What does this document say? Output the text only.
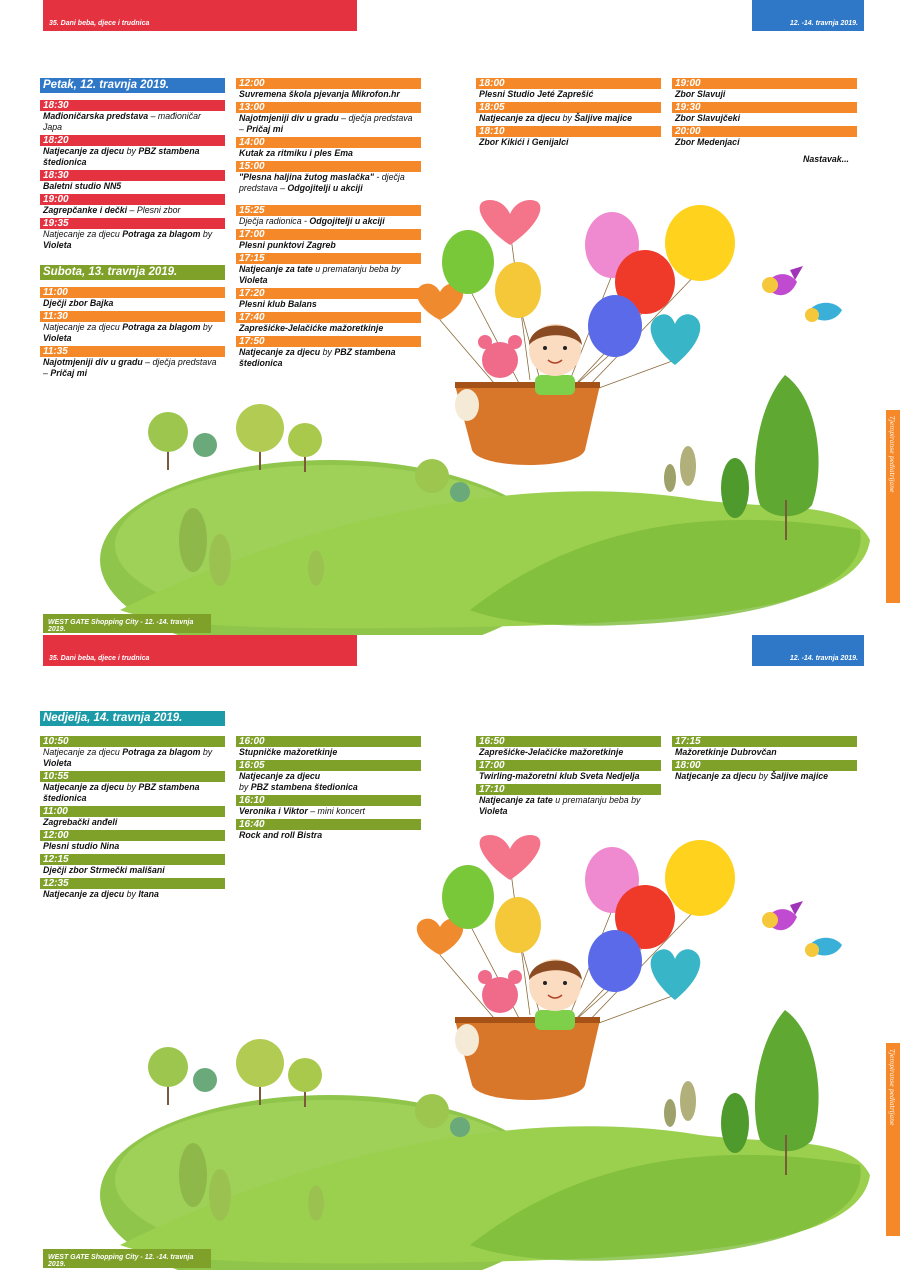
35. Dani beba, djece i trudnica	12. -14. travnja 2019.
Petak, 12. travnja 2019.
18:30
Mađioničarska predstava – mađioničar Japa
18:20
Natjecanje za djecu by PBZ stambena štedionica
18:30
Baletni studio NN5
19:00
Zagrepčanke i dečki – Plesni zbor
19:35
Natjecanje za djecu Potraga za blagom by Violeta
Subota, 13. travnja 2019.
11:00
Dječji zbor Bajka
11:30
Natjecanje za djecu Potraga za blagom by Violeta
11:35
Najotmjeniji div u gradu – dječja predstava – Pričaj mi
12:00
Suvremena škola pjevanja Mikrofon.hr
13:00
Najotmjeniji div u gradu – dječja predstava – Pričaj mi
14:00
Kutak za ritmiku i ples Ema
15:00
"Plesna haljina žutog maslačka" - dječja predstava – Odgojitelji u akciji
15:25
Dječja radionica - Odgojitelji u akciji
17:00
Plesni punktovi Zagreb
17:15
Natjecanje za tate u prematanju beba by Violeta
17:20
Plesni klub Balans
17:40
Zaprešićke-Jelačićke mažoretkinje
17:50
Natjecanje za djecu by PBZ stambena štedionica
18:00
Plesni Studio Jeté Zaprešić
18:05
Natjecanje za djecu by Šaljive majice
18:10
Zbor Kikići i Genijalci
19:00
Zbor Slavuji
19:30
Zbor Slavujčeki
20:00
Zbor Medenjaci
Nastavak...
Tjempiranse pediatrijane
WEST GATE Shopping City - 12. -14. travnja 2019.
35. Dani beba, djece i trudnica	12. -14. travnja 2019.
Nedjelja, 14. travnja 2019.
10:50
Natjecanje za djecu Potraga za blagom by Violeta
10:55
Natjecanje za djecu by PBZ stambena štedionica
11:00
Zagrebački anđeli
12:00
Plesni studio Nina
12:15
Dječji zbor Strmečki mališani
12:35
Natjecanje za djecu by Itana
16:00
Stupničke mažoretkinje
16:05
Natjecanje za djecu
by PBZ stambena štedionica
16:10
Veronika i Viktor – mini koncert
16:40
Rock and roll Bistra
16:50
Zaprešićke-Jelačićke mažoretkinje
17:00
Twirling-mažoretni klub Sveta Nedjelja
17:10
Natjecanje za tate u prematanju beba by Violeta
17:15
Mažoretkinje Dubrovčan
18:00
Natjecanje za djecu by Šaljive majice
Tjempiranse pediatrijane
WEST GATE Shopping City - 12. -14. travnja 2019.
